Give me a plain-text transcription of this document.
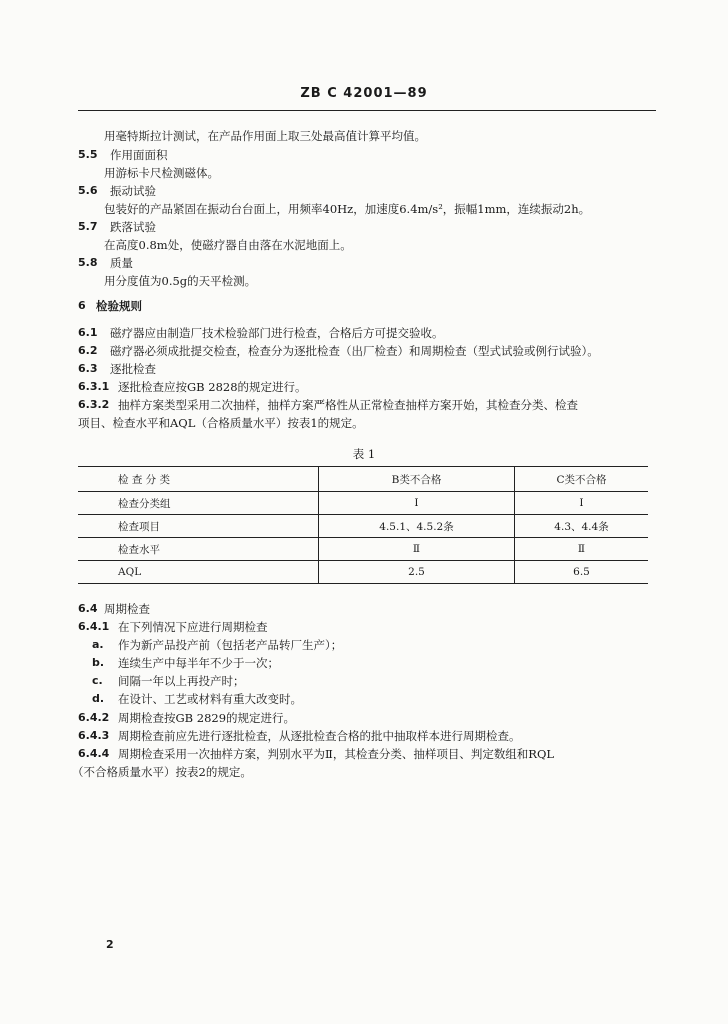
ZB C 42001—89
用毫特斯拉计测试，在产品作用面上取三处最高值计算平均值。
5.5 作用面面积
用游标卡尺检测磁体。
5.6 振动试验
包装好的产品紧固在振动台台面上，用频率40Hz，加速度6.4m/s²，振幅1mm，连续振动2h。
5.7 跌落试验
在高度0.8m处，使磁疗器自由落在水泥地面上。
5.8 质量
用分度值为0.5g的天平检测。
6 检验规则
6.1 磁疗器应由制造厂技术检验部门进行检查，合格后方可提交验收。
6.2 磁疗器必须成批提交检查，检查分为逐批检查（出厂检查）和周期检查（型式试验或例行试验）。
6.3 逐批检查
6.3.1 逐批检查应按GB 2828的规定进行。
6.3.2 抽样方案类型采用二次抽样，抽样方案严格性从正常检查抽样方案开始，其检查分类、检查
项目、检查水平和AQL（合格质量水平）按表1的规定。
表 1
检 查 分 类	B类不合格	C类不合格
检查分类组	Ⅰ	Ⅰ
检查项目	4.5.1、4.5.2条	4.3、4.4条
检查水平	Ⅱ	Ⅱ
AQL	2.5	6.5
6.4 周期检查
6.4.1 在下列情况下应进行周期检查
a. 作为新产品投产前（包括老产品转厂生产）；
b. 连续生产中每半年不少于一次；
c. 间隔一年以上再投产时；
d. 在设计、工艺或材料有重大改变时。
6.4.2 周期检查按GB 2829的规定进行。
6.4.3 周期检查前应先进行逐批检查，从逐批检查合格的批中抽取样本进行周期检查。
6.4.4 周期检查采用一次抽样方案，判别水平为Ⅱ，其检查分类、抽样项目、判定数组和RQL
（不合格质量水平）按表2的规定。
2
